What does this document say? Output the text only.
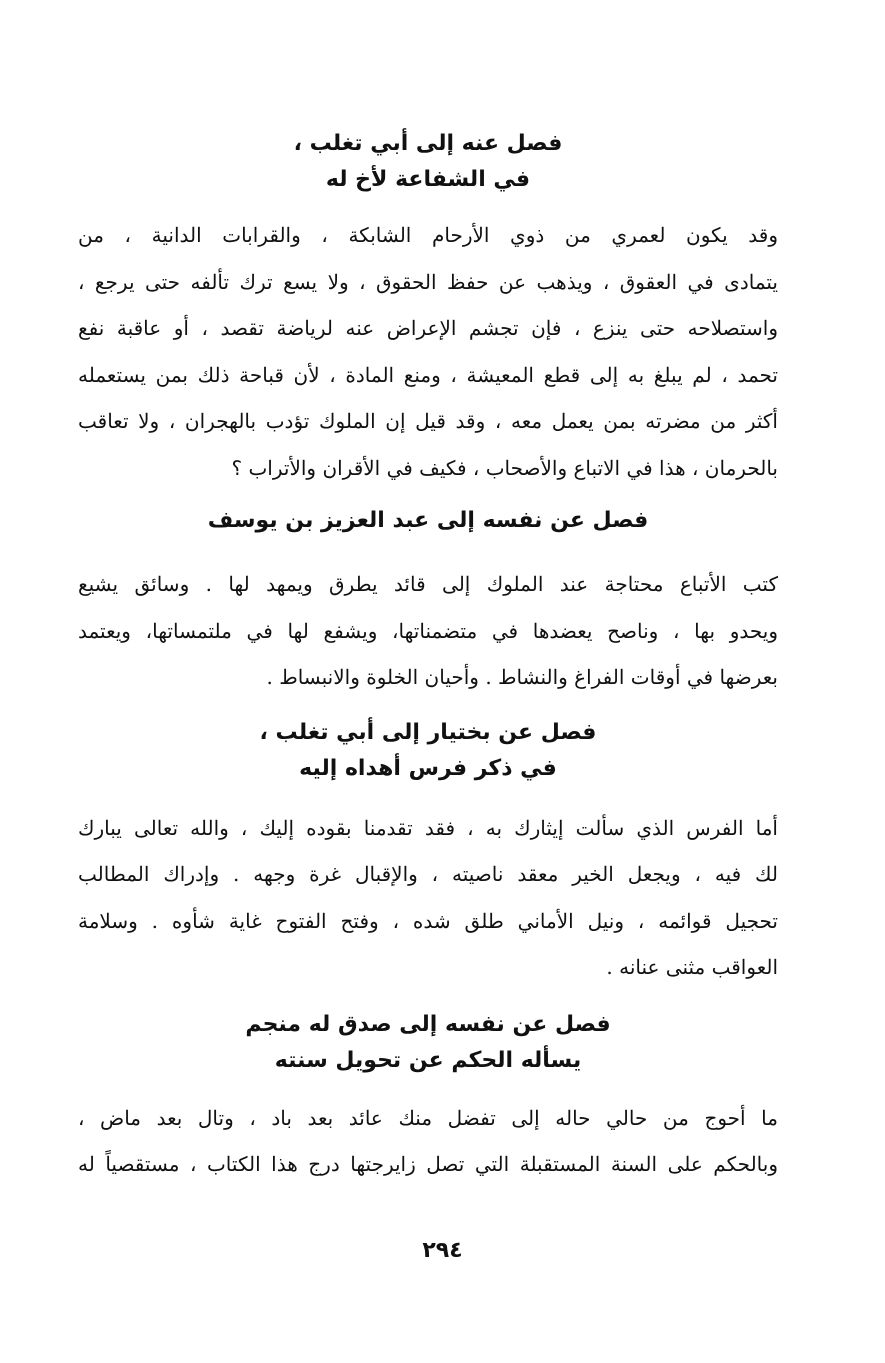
فصل عنه إلى أبي تغلب ،
في الشفاعة لأخ له

وقد يكون لعمري من ذوي الأرحام الشابكة ، والقرابات الدانية ، من
يتمادى في العقوق ، ويذهب عن حفظ الحقوق ، ولا يسع ترك تألفه حتى يرجع ،
واستصلاحه حتى ينزع ، فإن تجشم الإعراض عنه لرياضة تقصد ، أو عاقبة نفع
تحمد ، لم يبلغ به إلى قطع المعيشة ، ومنع المادة ، لأن قباحة ذلك بمن يستعمله
أكثر من مضرته بمن يعمل معه ، وقد قيل إن الملوك تؤدب بالهجران ، ولا تعاقب
بالحرمان ، هذا في الاتباع والأصحاب ، فكيف في الأقران والأتراب ؟

فصل عن نفسه إلى عبد العزيز بن يوسف

كتب الأتباع محتاجة عند الملوك إلى قائد يطرق ويمهد لها . وسائق يشيع
ويحدو بها ، وناصح يعضدها في متضمناتها، ويشفع لها في ملتمساتها، ويعتمد
بعرضها في أوقات الفراغ والنشاط . وأحيان الخلوة والانبساط .

فصل عن بختيار إلى أبي تغلب ،
في ذكر فرس أهداه إليه

أما الفرس الذي سألت إيثارك به ، فقد تقدمنا بقوده إليك ، والله تعالى يبارك
لك فيه ، ويجعل الخير معقد ناصيته ، والإقبال غرة وجهه . وإدراك المطالب
تحجيل قوائمه ، ونيل الأماني طلق شده ، وفتح الفتوح غاية شأوه . وسلامة
العواقب مثنى عنانه .

فصل عن نفسه إلى صدق له منجم
يسأله الحكم عن تحويل سنته

ما أحوج من حالي حاله إلى تفضل منك عائد بعد باد ، وتال بعد ماض ،
وبالحكم على السنة المستقبلة التي تصل زايرجتها درج هذا الكتاب ، مستقصياً له

٢٩٤
